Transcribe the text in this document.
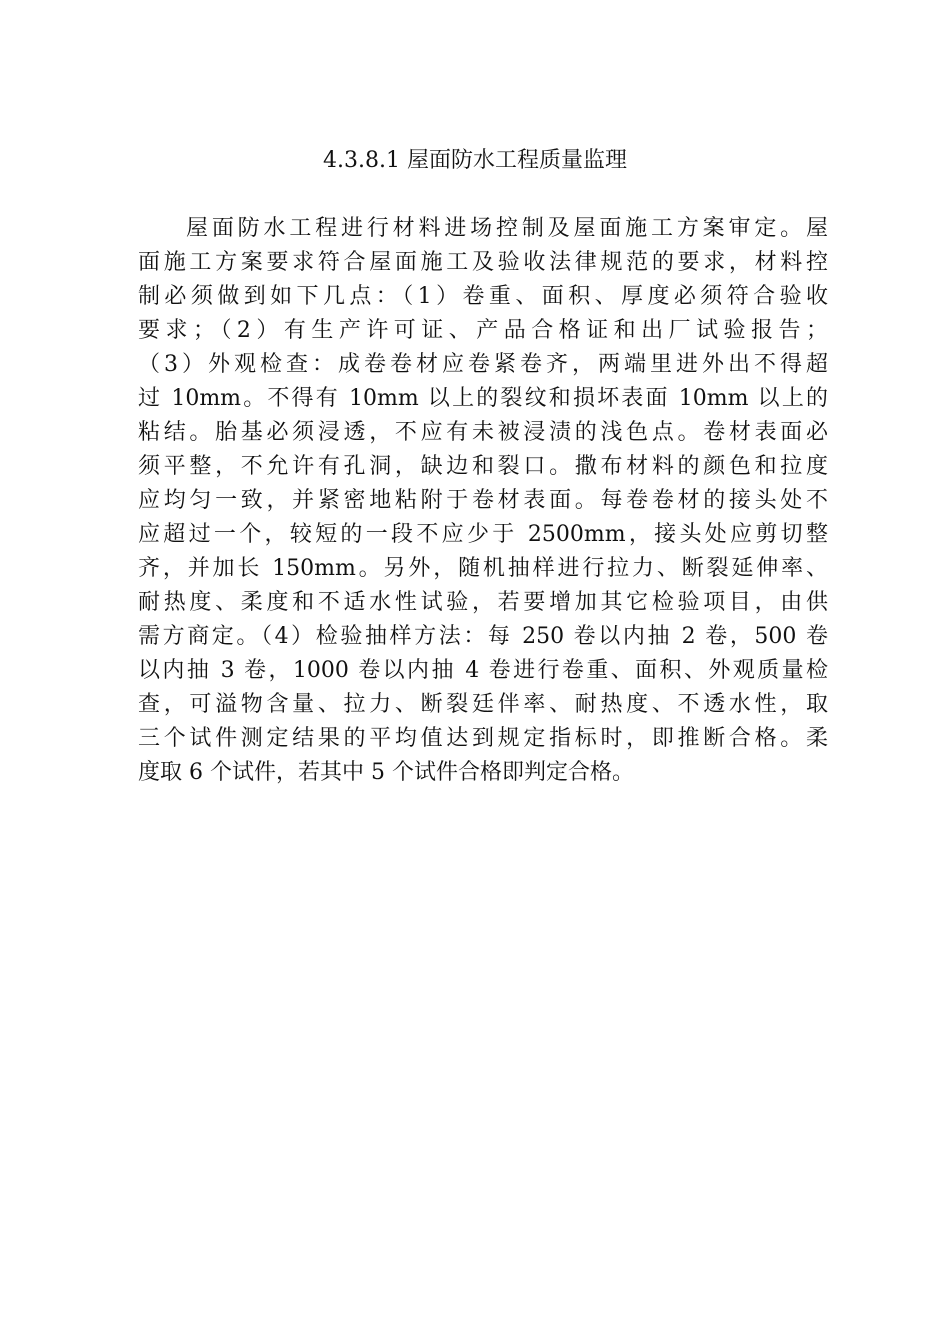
4.3.8.1 屋面防水工程质量监理
屋面防水工程进行材料进场控制及屋面施工方案审定。屋
面施工方案要求符合屋面施工及验收法律规范的要求，材料控
制必须做到如下几点：（1）卷重、面积、厚度必须符合验收
要求；（2）有生产许可证、产品合格证和出厂试验报告；
（3）外观检查：成卷卷材应卷紧卷齐，两端里进外出不得超
过 10mm。不得有 10mm 以上的裂纹和损坏表面 10mm 以上的
粘结。胎基必须浸透，不应有未被浸渍的浅色点。卷材表面必
须平整，不允许有孔洞，缺边和裂口。撒布材料的颜色和拉度
应均匀一致，并紧密地粘附于卷材表面。每卷卷材的接头处不
应超过一个，较短的一段不应少于 2500mm，接头处应剪切整
齐，并加长 150mm。另外，随机抽样进行拉力、断裂延伸率、
耐热度、柔度和不适水性试验，若要增加其它检验项目，由供
需方商定。（4）检验抽样方法：每 250 卷以内抽 2 卷，500 卷
以内抽 3 卷，1000 卷以内抽 4 卷进行卷重、面积、外观质量检
查，可溢物含量、拉力、断裂廷伴率、耐热度、不透水性，取
三个试件测定结果的平均值达到规定指标时，即推断合格。柔
度取 6 个试件，若其中 5 个试件合格即判定合格。
